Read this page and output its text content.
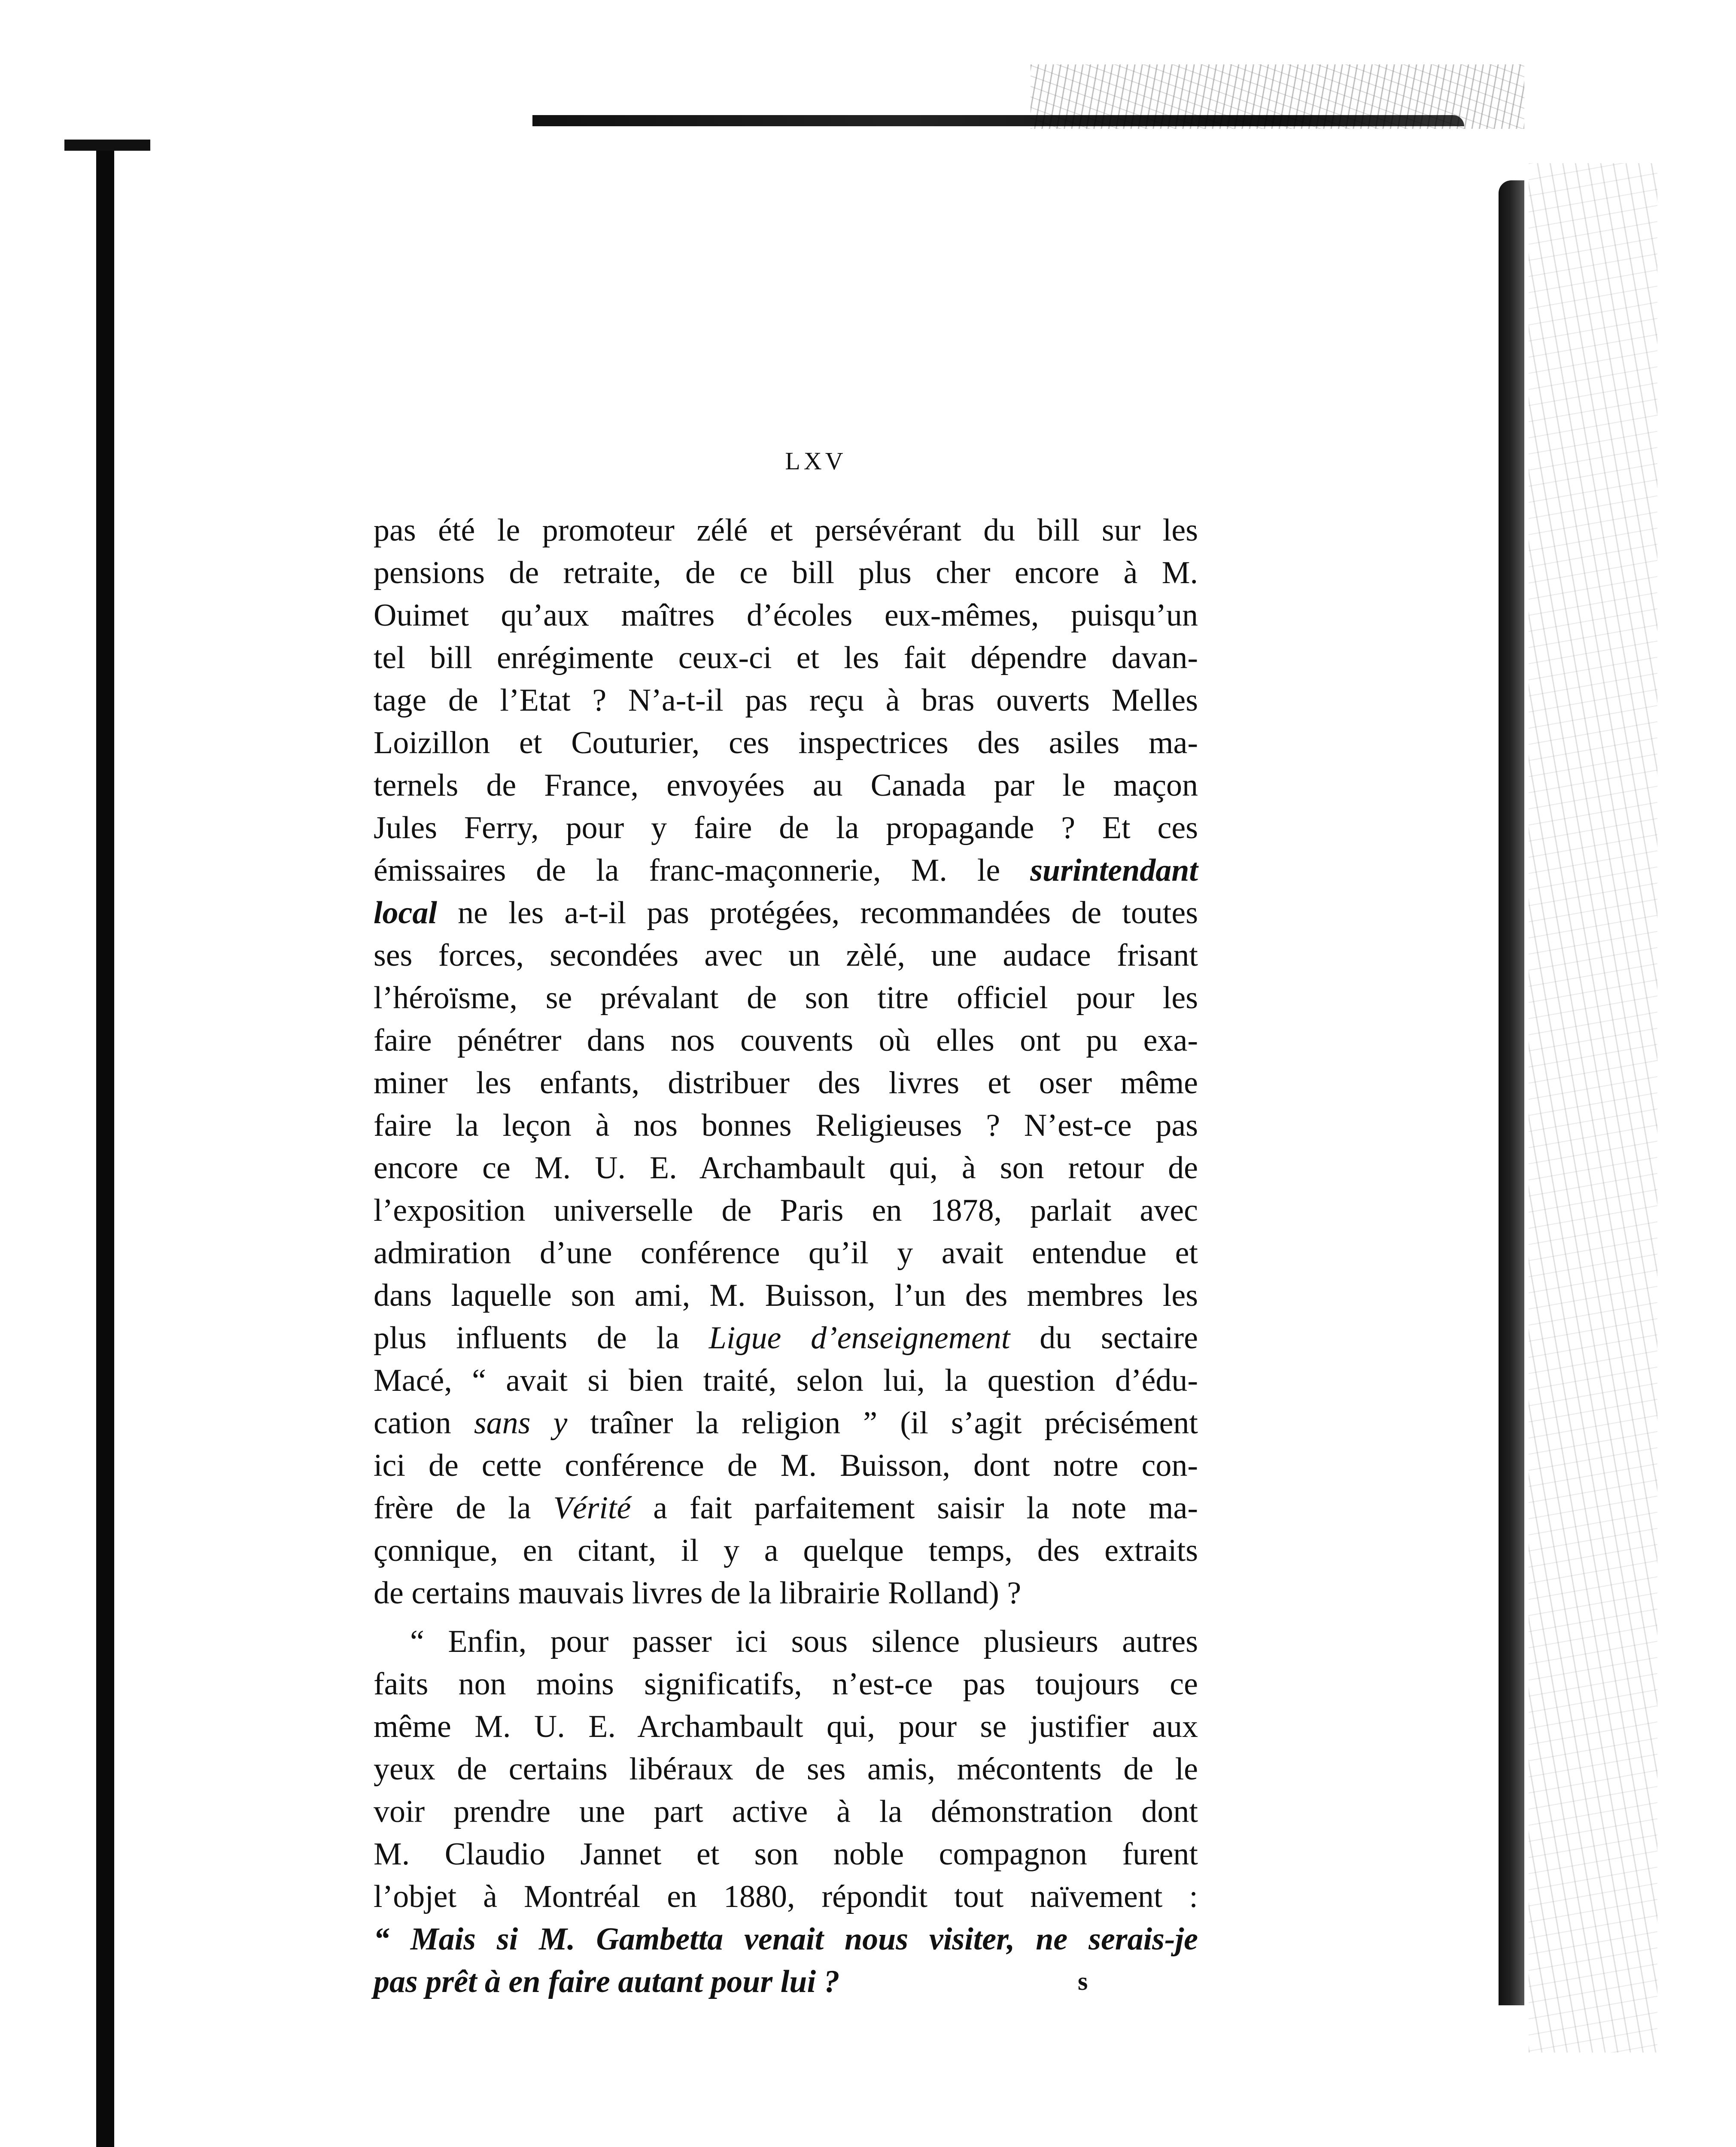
LXV
pas été le promoteur zélé et persévérant du bill sur les
pensions de retraite, de ce bill plus cher encore à M.
Ouimet qu’aux maîtres d’écoles eux-mêmes, puisqu’un
tel bill enrégimente ceux-ci et les fait dépendre davan-
tage de l’Etat ? N’a-t-il pas reçu à bras ouverts Melles
Loizillon et Couturier, ces inspectrices des asiles ma-
ternels de France, envoyées au Canada par le maçon
Jules Ferry, pour y faire de la propagande ? Et ces
émissaires de la franc-maçonnerie, M. le surintendant
local ne les a-t-il pas protégées, recommandées de toutes
ses forces, secondées avec un zèlé, une audace frisant
l’héroïsme, se prévalant de son titre officiel pour les
faire pénétrer dans nos couvents où elles ont pu exa-
miner les enfants, distribuer des livres et oser même
faire la leçon à nos bonnes Religieuses ? N’est-ce pas
encore ce M. U. E. Archambault qui, à son retour de
l’exposition universelle de Paris en 1878, parlait avec
admiration d’une conférence qu’il y avait entendue et
dans laquelle son ami, M. Buisson, l’un des membres les
plus influents de la Ligue d’enseignement du sectaire
Macé, “ avait si bien traité, selon lui, la question d’édu-
cation sans y traîner la religion ” (il s’agit précisément
ici de cette conférence de M. Buisson, dont notre con-
frère de la Vérité a fait parfaitement saisir la note ma-
çonnique, en citant, il y a quelque temps, des extraits
de certains mauvais livres de la librairie Rolland) ?
“ Enfin, pour passer ici sous silence plusieurs autres
faits non moins significatifs, n’est-ce pas toujours ce
même M. U. E. Archambault qui, pour se justifier aux
yeux de certains libéraux de ses amis, mécontents de le
voir prendre une part active à la démonstration dont
M. Claudio Jannet et son noble compagnon furent
l’objet à Montréal en 1880, répondit tout naïvement :
“ Mais si M. Gambetta venait nous visiter, ne serais-je
pas prêt à en faire autant pour lui ?	s
